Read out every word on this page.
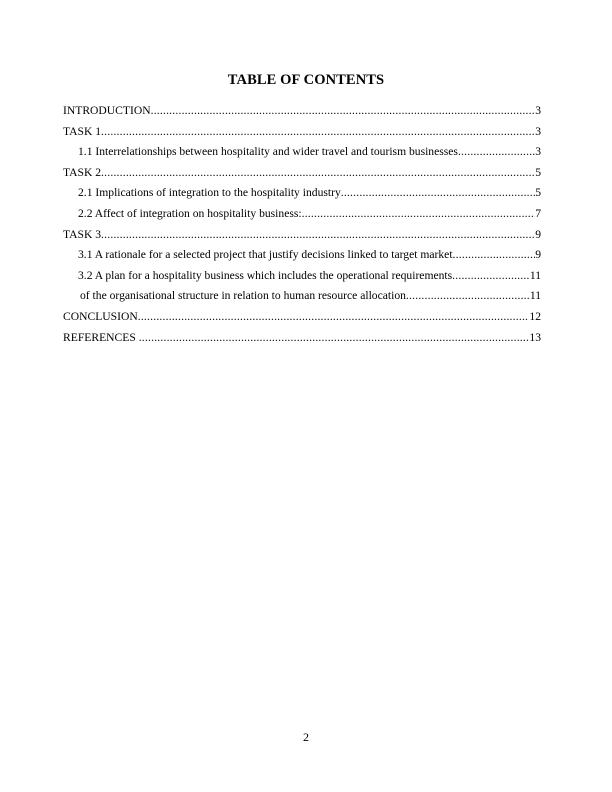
TABLE OF CONTENTS
INTRODUCTION .....	3
TASK 1 .....	3
1.1 Interrelationships between hospitality and wider travel and tourism businesses .....	3
TASK 2 .....	5
2.1 Implications of integration to the hospitality industry .....	5
2.2 Affect of integration on hospitality business: .....	7
TASK 3 .....	9
3.1 A rationale for a selected project that justify decisions linked to target market .....	9
3.2 A plan for a hospitality business which includes the operational requirements .....	11
of the organisational structure in relation to human resource allocation .....	11
CONCLUSION .....	12
REFERENCES .....	13
2
